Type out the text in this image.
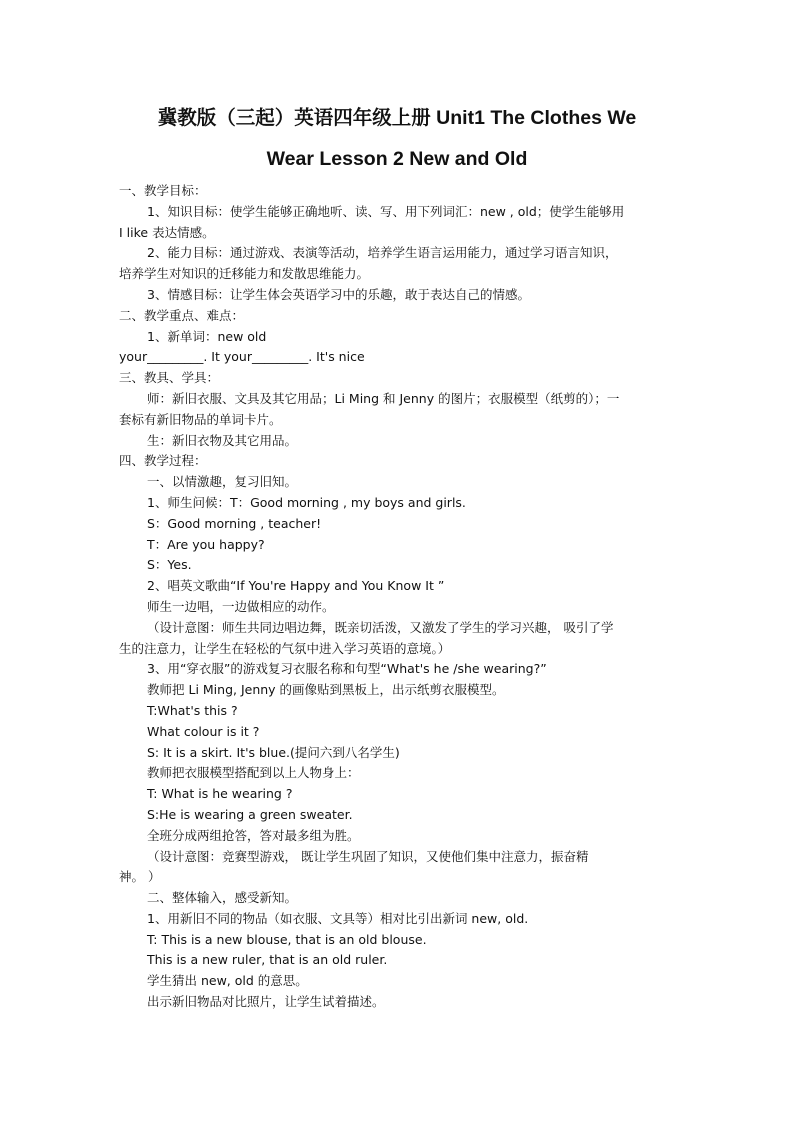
冀教版（三起）英语四年级上册 Unit1 The Clothes We
Wear Lesson 2 New and Old
一、教学目标：
1、知识目标：使学生能够正确地听、读、写、用下列词汇：new , old；使学生能够用
I like 表达情感。
2、能力目标：通过游戏、表演等活动，培养学生语言运用能力，通过学习语言知识，
培养学生对知识的迁移能力和发散思维能力。
3、情感目标：让学生体会英语学习中的乐趣，敢于表达自己的情感。
二、教学重点、难点：
1、新单词：new old
your_________. It your_________. It's nice
三、教具、学具：
师：新旧衣服、文具及其它用品；Li Ming 和 Jenny 的图片；衣服模型（纸剪的）；一
套标有新旧物品的单词卡片。
生：新旧衣物及其它用品。
四、教学过程：
一、以情激趣，复习旧知。
1、师生问候：T：Good morning , my boys and girls.
S：Good morning , teacher!
T：Are you happy?
S：Yes.
2、唱英文歌曲“If You're Happy and You Know It ”
师生一边唱，一边做相应的动作。
（设计意图：师生共同边唱边舞，既亲切活泼，又激发了学生的学习兴趣， 吸引了学
生的注意力，让学生在轻松的气氛中进入学习英语的意境。）
3、用“穿衣服”的游戏复习衣服名称和句型“What's he /she wearing?”
教师把 Li Ming, Jenny 的画像贴到黑板上，出示纸剪衣服模型。
T:What's this ?
What colour is it ?
S: It is a skirt. It's blue.(提问六到八名学生)
教师把衣服模型搭配到以上人物身上：
T: What is he wearing ?
S:He is wearing a green sweater.
全班分成两组抢答，答对最多组为胜。
（设计意图：竞赛型游戏， 既让学生巩固了知识，又使他们集中注意力，振奋精
神。 ）
二、整体输入，感受新知。
1、用新旧不同的物品（如衣服、文具等）相对比引出新词 new, old.
T: This is a new blouse, that is an old blouse.
This is a new ruler, that is an old ruler.
学生猜出 new, old 的意思。
出示新旧物品对比照片，让学生试着描述。
